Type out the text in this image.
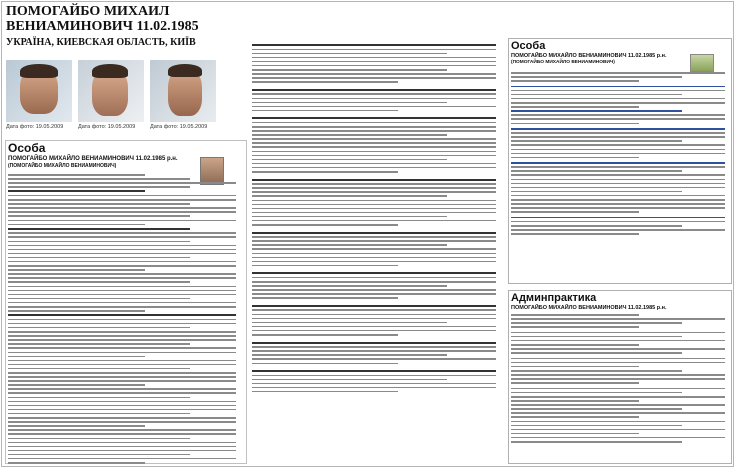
ПОМОГАЙБО МИХАИЛ
ВЕНИАМИНОВИЧ 11.02.1985
УКРАЇНА, КИЕВСКАЯ ОБЛАСТЬ, КИЇВ
Дата фото: 19.05.2009	Дата фото: 19.05.2009	Дата фото: 19.05.2009
Особа
ПОМОГАЙБО МИХАЙЛО ВЕНИАМИНОВИЧ 11.02.1985 р.н.
(ПОМОГАЙБО МИХАЙЛО ВЕНИАМИНОВИЧ)
Особа
ПОМОГАЙБО МИХАЙЛО ВЕНИАМИНОВИЧ 11.02.1985 р.н.
(ПОМОГАЙБО МИХАЙЛО ВЕНИАМИНОВИЧ)
Админпрактика
ПОМОГАЙБО МИХАЙЛО ВЕНИАМИНОВИЧ 11.02.1985 р.н.
